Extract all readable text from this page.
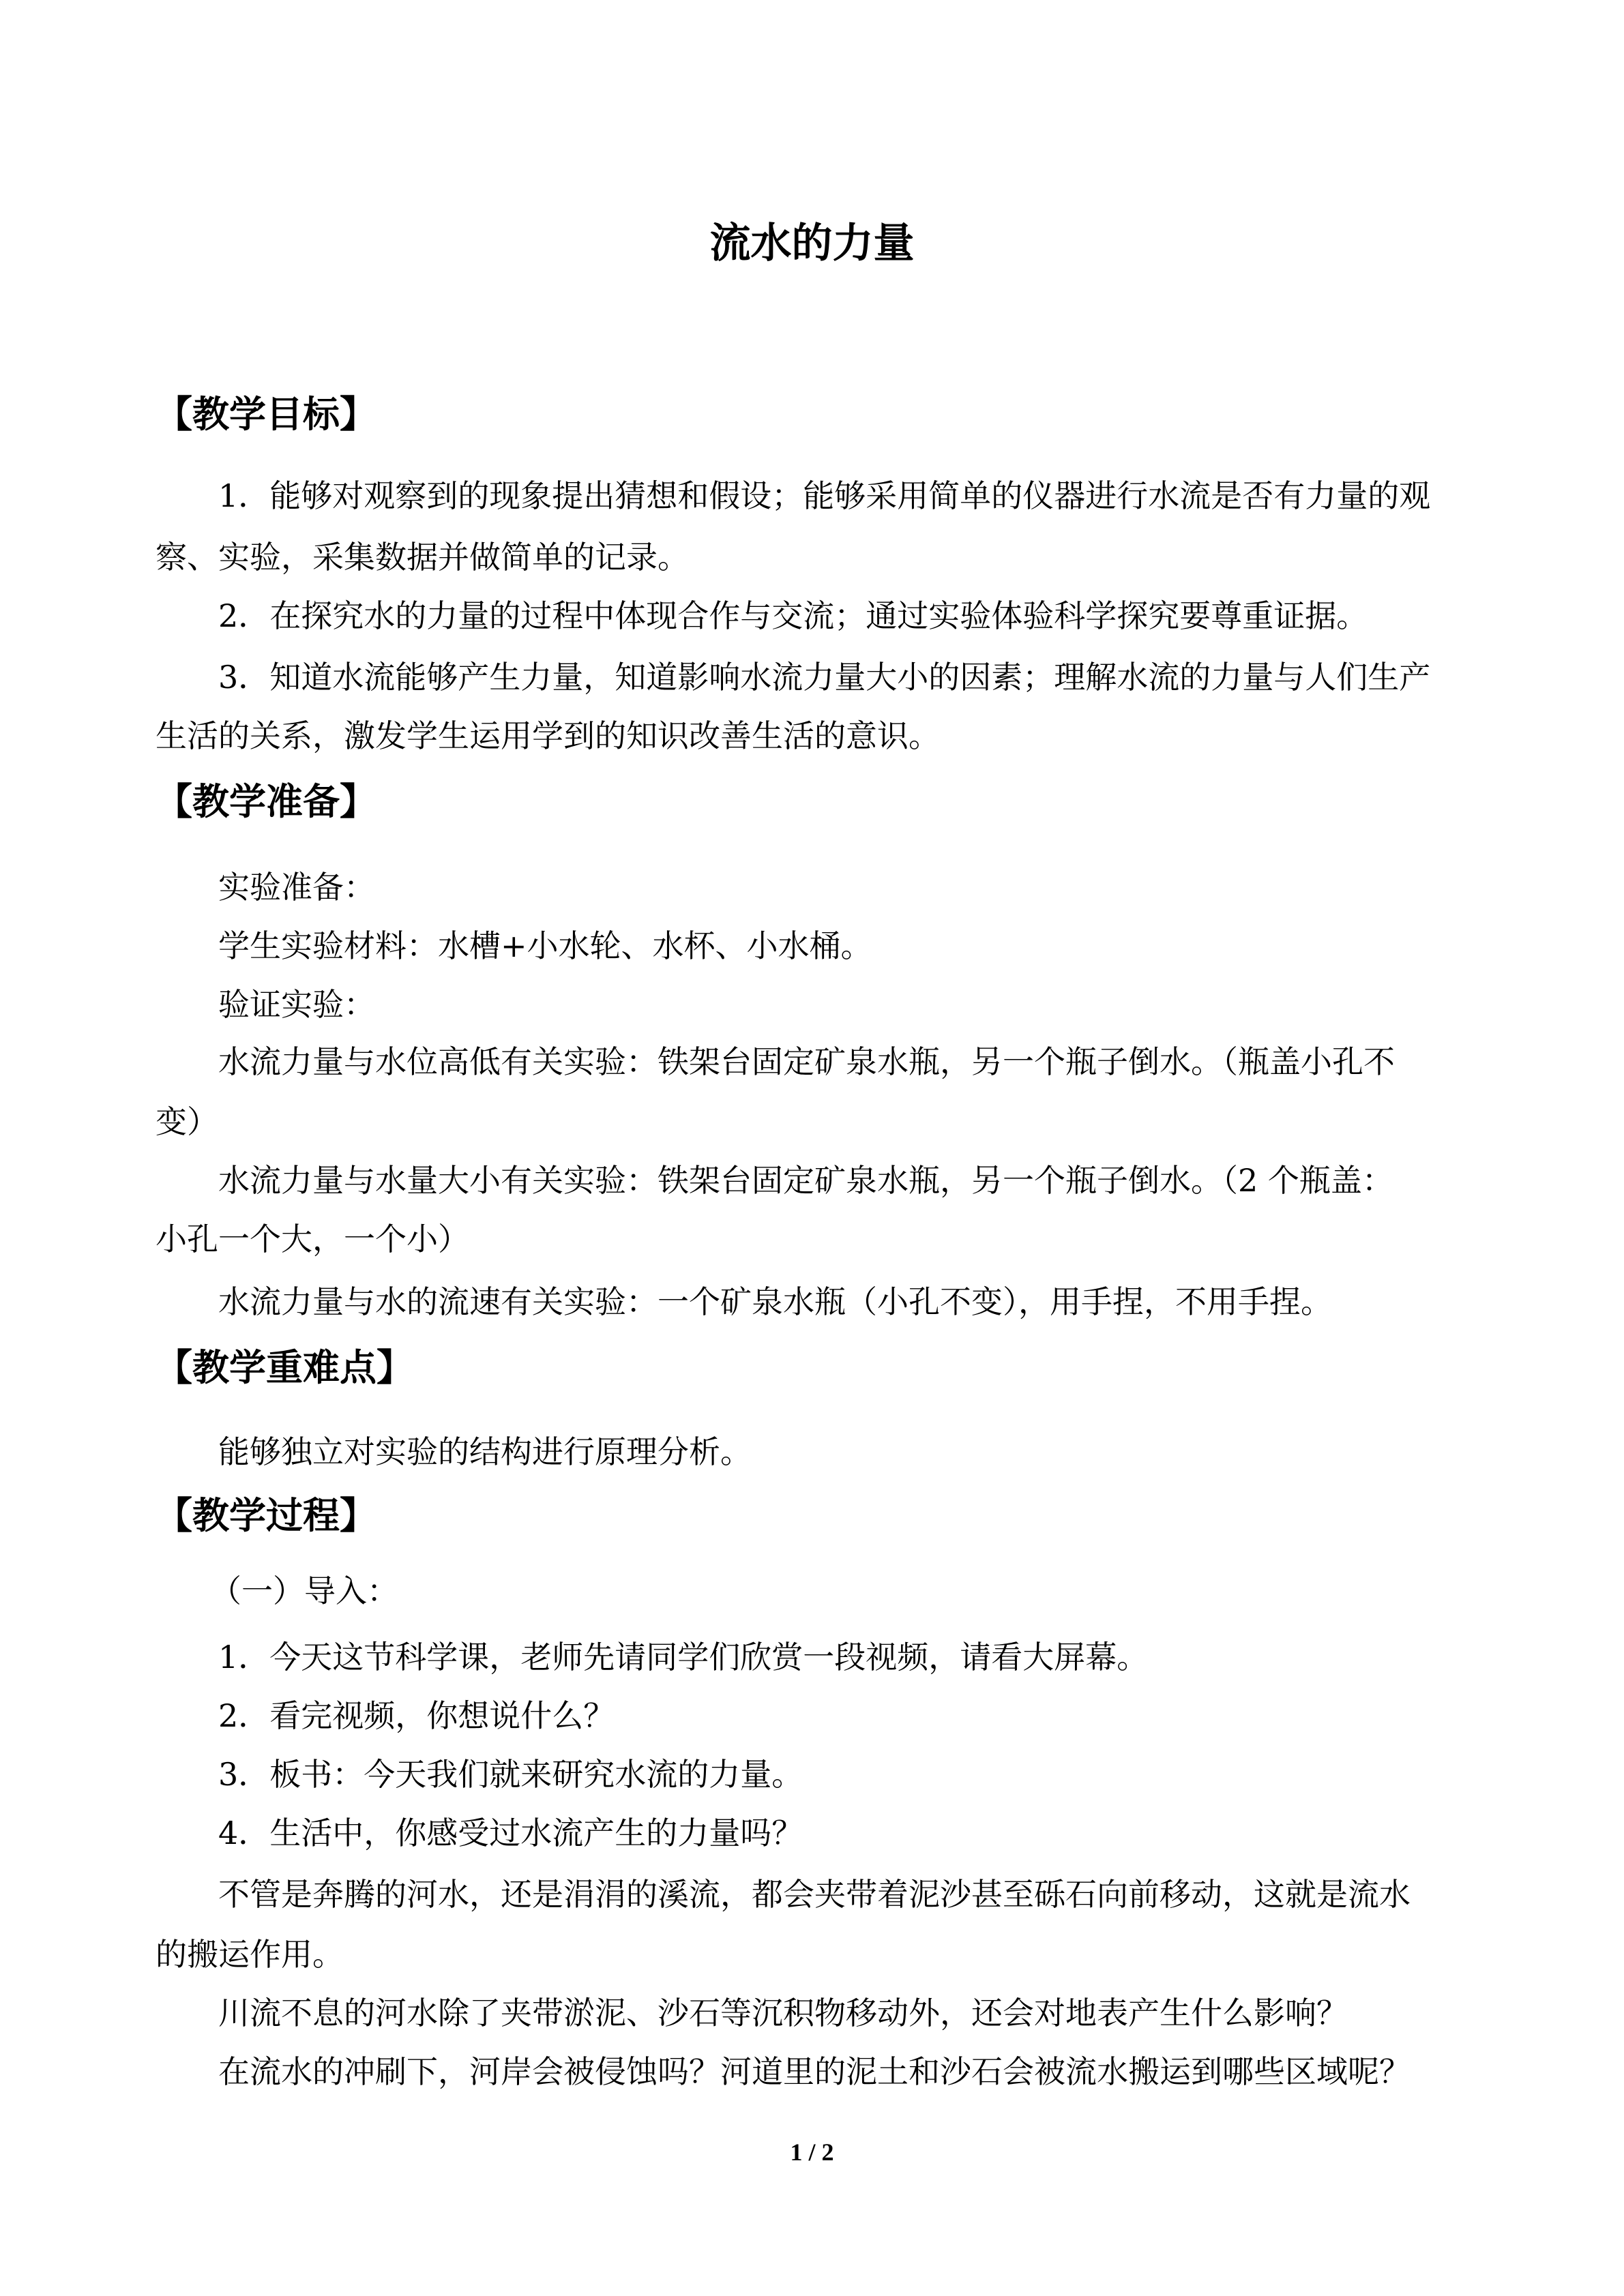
流水的力量
【教学目标】
1．能够对观察到的现象提出猜想和假设；能够采用简单的仪器进行水流是否有力量的观
察、实验，采集数据并做简单的记录。
2．在探究水的力量的过程中体现合作与交流；通过实验体验科学探究要尊重证据。
3．知道水流能够产生力量，知道影响水流力量大小的因素；理解水流的力量与人们生产
生活的关系，激发学生运用学到的知识改善生活的意识。
【教学准备】
实验准备：
学生实验材料：水槽+小水轮、水杯、小水桶。
验证实验：
水流力量与水位高低有关实验：铁架台固定矿泉水瓶，另一个瓶子倒水。（瓶盖小孔不
变）
水流力量与水量大小有关实验：铁架台固定矿泉水瓶，另一个瓶子倒水。（2 个瓶盖：
小孔一个大，一个小）
水流力量与水的流速有关实验：一个矿泉水瓶（小孔不变），用手捏，不用手捏。
【教学重难点】
能够独立对实验的结构进行原理分析。
【教学过程】
（一）导入：
1．今天这节科学课，老师先请同学们欣赏一段视频，请看大屏幕。
2．看完视频，你想说什么？
3．板书：今天我们就来研究水流的力量。
4．生活中，你感受过水流产生的力量吗？
不管是奔腾的河水，还是涓涓的溪流，都会夹带着泥沙甚至砾石向前移动，这就是流水
的搬运作用。
川流不息的河水除了夹带淤泥、沙石等沉积物移动外，还会对地表产生什么影响？
在流水的冲刷下，河岸会被侵蚀吗？河道里的泥土和沙石会被流水搬运到哪些区域呢？
1 / 2
